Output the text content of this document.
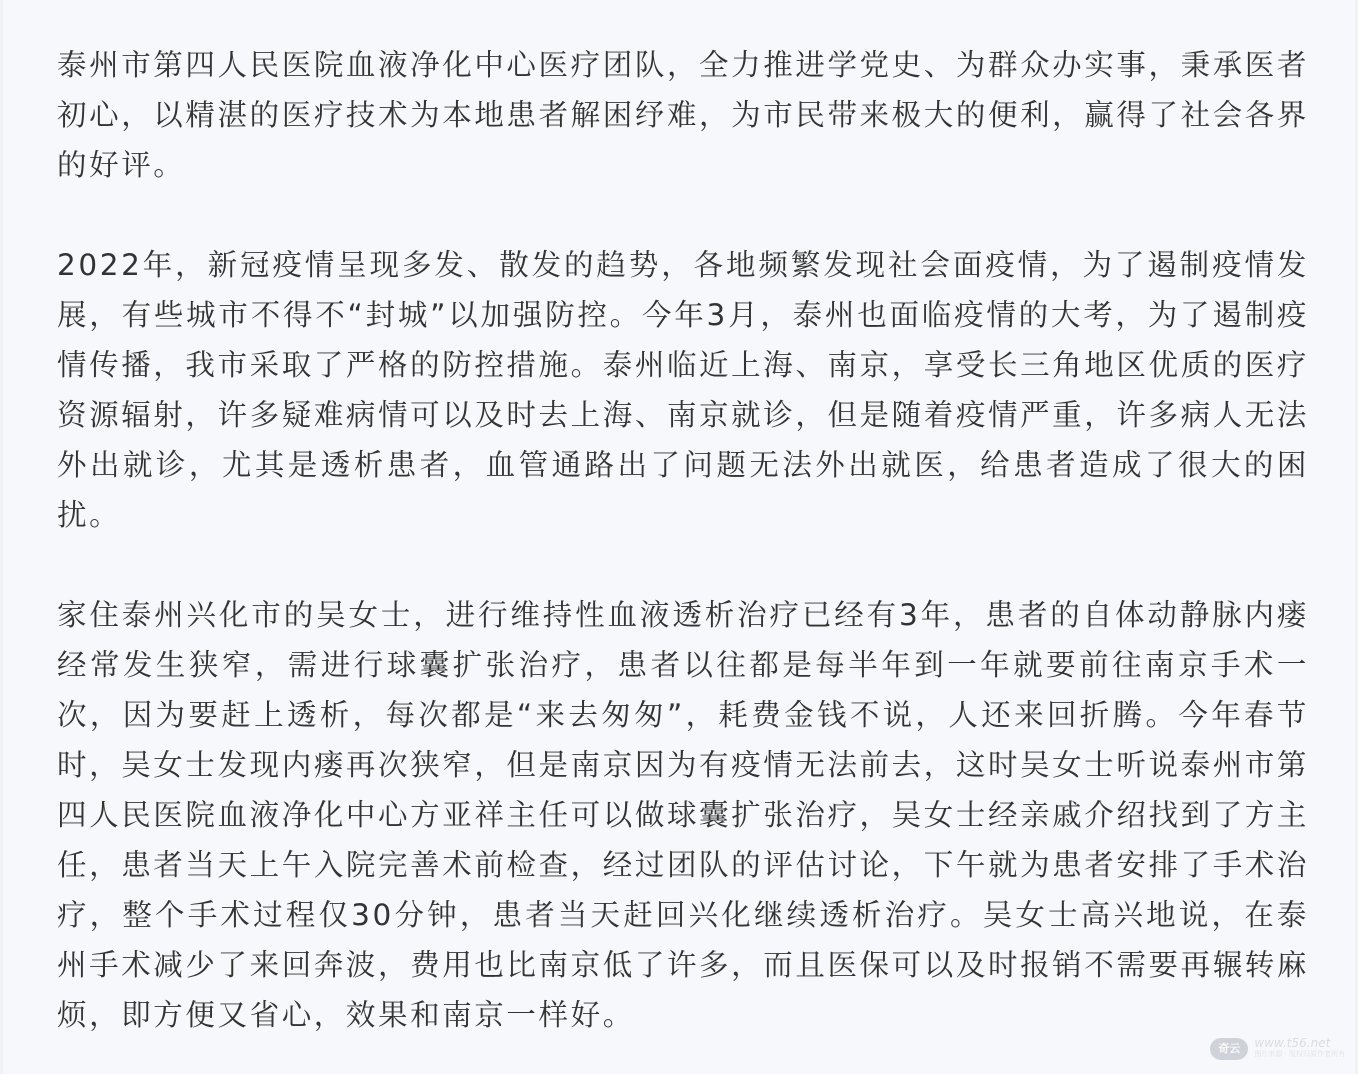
泰州市第四人民医院血液净化中心医疗团队，全力推进学党史、为群众办实事，秉承医者初心，以精湛的医疗技术为本地患者解困纾难，为市民带来极大的便利，赢得了社会各界的好评。

2022年，新冠疫情呈现多发、散发的趋势，各地频繁发现社会面疫情，为了遏制疫情发展，有些城市不得不“封城”以加强防控。今年3月，泰州也面临疫情的大考，为了遏制疫情传播，我市采取了严格的防控措施。泰州临近上海、南京，享受长三角地区优质的医疗资源辐射，许多疑难病情可以及时去上海、南京就诊，但是随着疫情严重，许多病人无法外出就诊，尤其是透析患者，血管通路出了问题无法外出就医，给患者造成了很大的困扰。

家住泰州兴化市的吴女士，进行维持性血液透析治疗已经有3年，患者的自体动静脉内瘘经常发生狭窄，需进行球囊扩张治疗，患者以往都是每半年到一年就要前往南京手术一次，因为要赶上透析，每次都是“来去匆匆”，耗费金钱不说，人还来回折腾。今年春节时，吴女士发现内瘘再次狭窄，但是南京因为有疫情无法前去，这时吴女士听说泰州市第四人民医院血液净化中心方亚祥主任可以做球囊扩张治疗，吴女士经亲戚介绍找到了方主任，患者当天上午入院完善术前检查，经过团队的评估讨论，下午就为患者安排了手术治疗，整个手术过程仅30分钟，患者当天赶回兴化继续透析治疗。吴女士高兴地说，在泰州手术减少了来回奔波，费用也比南京低了许多，而且医保可以及时报销不需要再辗转麻烦，即方便又省心，效果和南京一样好。

奇云	www.t56.net
图片来源 · 版权归原作者所有
